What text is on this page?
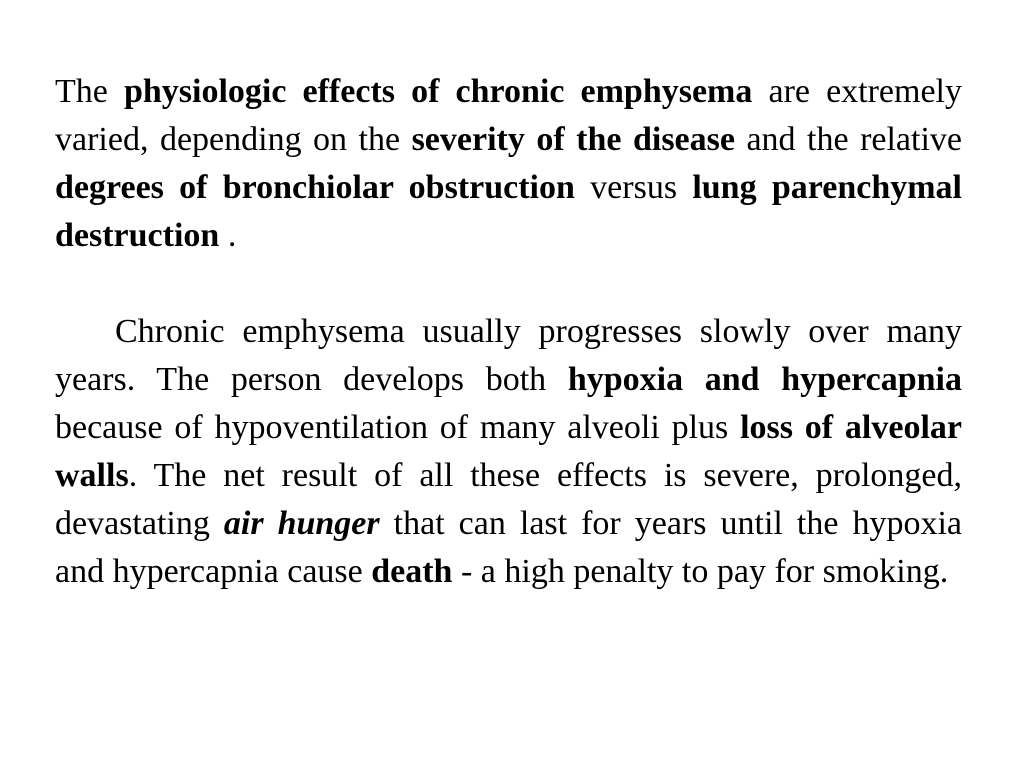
The physiologic effects of chronic emphysema are extremely varied, depending on the severity of the disease and the relative degrees of bronchiolar obstruction versus lung parenchymal destruction .

Chronic emphysema usually progresses slowly over many years. The person develops both hypoxia and hypercapnia because of hypoventilation of many alveoli plus loss of alveolar walls. The net result of all these effects is severe, prolonged, devastating air hunger that can last for years until the hypoxia and hypercapnia cause death - a high penalty to pay for smoking.
